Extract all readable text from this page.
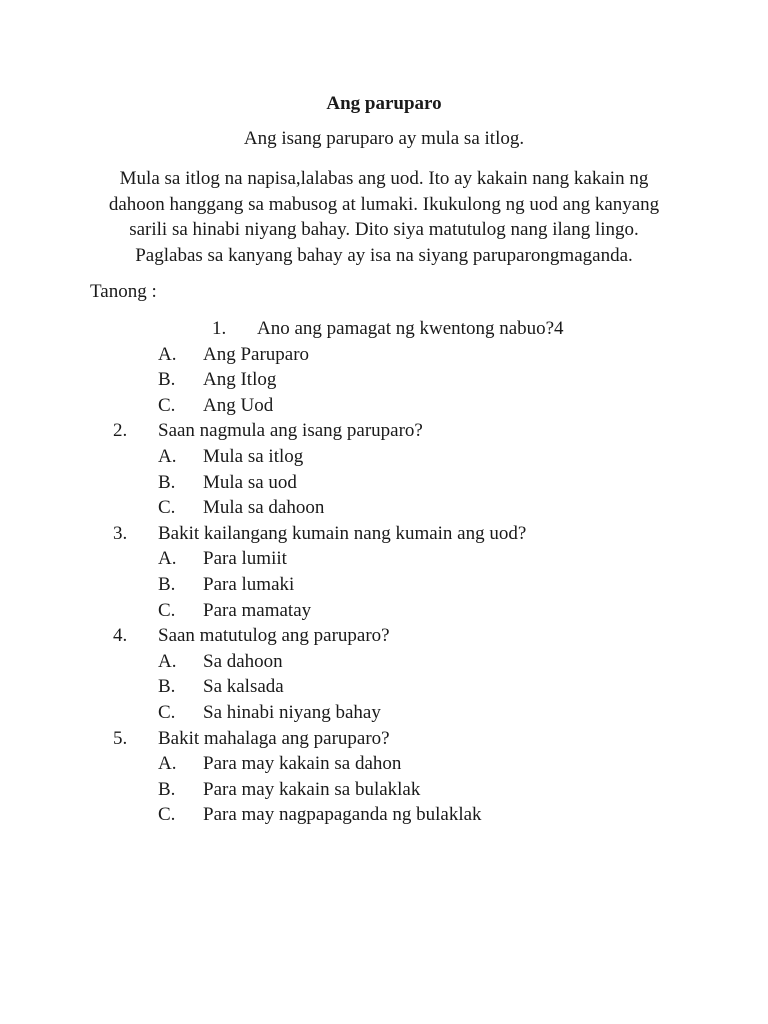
Ang paruparo
Ang isang paruparo ay mula sa itlog.
Mula sa itlog na napisa,lalabas ang uod. Ito ay kakain nang kakain ng
dahoon hanggang sa mabusog at lumaki. Ikukulong ng uod ang kanyang
sarili sa hinabi niyang bahay. Dito siya matutulog nang ilang lingo.
Paglabas sa kanyang bahay ay isa na siyang paruparongmaganda.
Tanong :
1. Ano ang pamagat ng kwentong nabuo?4
A. Ang Paruparo
B. Ang Itlog
C. Ang Uod
2. Saan nagmula ang isang paruparo?
A. Mula sa itlog
B. Mula sa uod
C. Mula sa dahoon
3. Bakit kailangang kumain nang kumain ang uod?
A. Para lumiit
B. Para lumaki
C. Para mamatay
4. Saan matutulog ang paruparo?
A. Sa dahoon
B. Sa kalsada
C. Sa hinabi niyang bahay
5. Bakit mahalaga ang paruparo?
A. Para may kakain sa dahon
B. Para may kakain sa bulaklak
C. Para may nagpapaganda ng bulaklak
